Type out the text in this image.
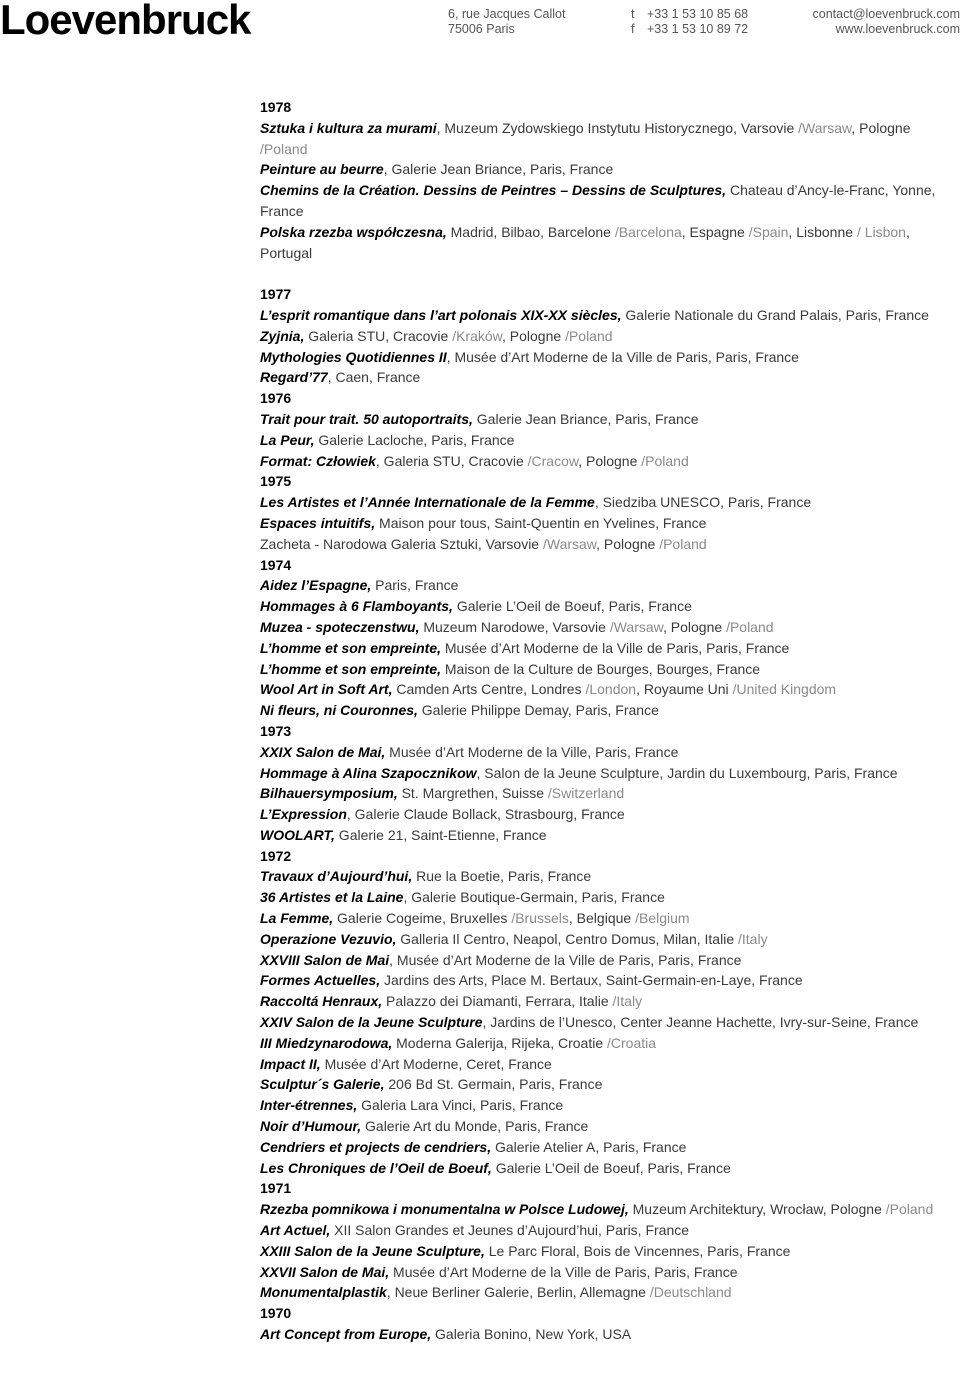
Loevenbruck	6, rue Jacques Callot
75006 Paris
t +33 1 53 10 85 68
f +33 1 53 10 89 72
contact@loevenbruck.com
www.loevenbruck.com
1978
Sztuka i kultura za murami, Muzeum Zydowskiego Instytutu Historycznego, Varsovie /Warsaw, Pologne /Poland
Peinture au beurre, Galerie Jean Briance, Paris, France
Chemins de la Création. Dessins de Peintres – Dessins de Sculptures, Chateau d’Ancy-le-Franc, Yonne, France
Polska rzezba współczesna, Madrid, Bilbao, Barcelone /Barcelona, Espagne /Spain, Lisbonne / Lisbon, Portugal
1977
L’esprit romantique dans l’art polonais XIX-XX siècles, Galerie Nationale du Grand Palais, Paris, France
Zyjnia, Galeria STU, Cracovie /Kraków, Pologne /Poland
Mythologies Quotidiennes II, Musée d’Art Moderne de la Ville de Paris, Paris, France
Regard’77, Caen, France
1976
Trait pour trait. 50 autoportraits, Galerie Jean Briance, Paris, France
La Peur, Galerie Lacloche, Paris, France
Format: Człowiek, Galeria STU, Cracovie /Cracow, Pologne /Poland
1975
Les Artistes et l’Année Internationale de la Femme, Siedziba UNESCO, Paris, France
Espaces intuitifs, Maison pour tous, Saint-Quentin en Yvelines, France
Zacheta - Narodowa Galeria Sztuki, Varsovie /Warsaw, Pologne /Poland
1974
Aidez l’Espagne, Paris, France
Hommages à 6 Flamboyants, Galerie L’Oeil de Boeuf, Paris, France
Muzea - spoteczenstwu, Muzeum Narodowe, Varsovie /Warsaw, Pologne /Poland
L’homme et son empreinte, Musée d’Art Moderne de la Ville de Paris, Paris, France
L’homme et son empreinte, Maison de la Culture de Bourges, Bourges, France
Wool Art in Soft Art, Camden Arts Centre, Londres /London, Royaume Uni /United Kingdom
Ni fleurs, ni Couronnes, Galerie Philippe Demay, Paris, France
1973
XXIX Salon de Mai, Musée d’Art Moderne de la Ville, Paris, France
Hommage à Alina Szapocznikow, Salon de la Jeune Sculpture, Jardin du Luxembourg, Paris, France
Bilhauersymposium, St. Margrethen, Suisse /Switzerland
L’Expression, Galerie Claude Bollack, Strasbourg, France
WOOLART, Galerie 21, Saint-Etienne, France
1972
Travaux d’Aujourd’hui, Rue la Boetie, Paris, France
36 Artistes et la Laine, Galerie Boutique-Germain, Paris, France
La Femme, Galerie Cogeime, Bruxelles /Brussels, Belgique /Belgium
Operazione Vezuvio, Galleria Il Centro, Neapol, Centro Domus, Milan, Italie /Italy
XXVIII Salon de Mai, Musée d’Art Moderne de la Ville de Paris, Paris, France
Formes Actuelles, Jardins des Arts, Place M. Bertaux, Saint-Germain-en-Laye, France
Raccoltá Henraux, Palazzo dei Diamanti, Ferrara, Italie /Italy
XXIV Salon de la Jeune Sculpture, Jardins de l’Unesco, Center Jeanne Hachette, Ivry-sur-Seine, France
III Miedzynarodowa, Moderna Galerija, Rijeka, Croatie /Croatia
Impact II, Musée d’Art Moderne, Ceret, France
Sculptur´s Galerie, 206 Bd St. Germain, Paris, France
Inter-étrennes, Galeria Lara Vinci, Paris, France
Noir d’Humour, Galerie Art du Monde, Paris, France
Cendriers et projects de cendriers, Galerie Atelier A, Paris, France
Les Chroniques de l’Oeil de Boeuf, Galerie L’Oeil de Boeuf, Paris, France
1971
Rzezba pomnikowa i monumentalna w Polsce Ludowej, Muzeum Architektury, Wrocław, Pologne /Poland
Art Actuel, XII Salon Grandes et Jeunes d’Aujourd’hui, Paris, France
XXIII Salon de la Jeune Sculpture, Le Parc Floral, Bois de Vincennes, Paris, France
XXVII Salon de Mai, Musée d’Art Moderne de la Ville de Paris, Paris, France
Monumentalplastik, Neue Berliner Galerie, Berlin, Allemagne /Deutschland
1970
Art Concept from Europe, Galeria Bonino, New York, USA
